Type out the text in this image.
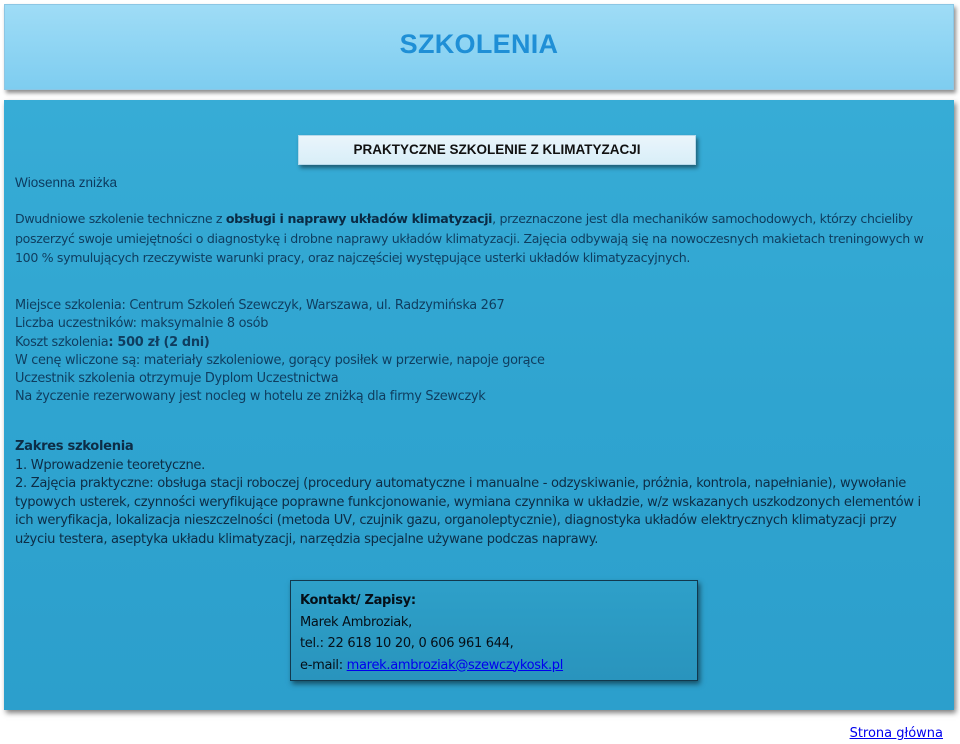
SZKOLENIA
PRAKTYCZNE SZKOLENIE Z KLIMATYZACJI
Wiosenna zniżka
Dwudniowe szkolenie techniczne z obsługi i naprawy układów klimatyzacji, przeznaczone jest dla mechaników samochodowych, którzy chcieliby poszerzyć swoje umiejętności o diagnostykę i drobne naprawy układów klimatyzacji. Zajęcia odbywają się na nowoczesnych makietach treningowych w 100 % symulujących rzeczywiste warunki pracy, oraz najczęściej występujące usterki układów klimatyzacyjnych.
Miejsce szkolenia: Centrum Szkoleń Szewczyk, Warszawa, ul. Radzymińska 267
Liczba uczestników: maksymalnie 8 osób
Koszt szkolenia: 500 zł (2 dni)
W cenę wliczone są: materiały szkoleniowe, gorący posiłek w przerwie, napoje gorące
Uczestnik szkolenia otrzymuje Dyplom Uczestnictwa
Na życzenie rezerwowany jest nocleg w hotelu ze zniżką dla firmy Szewczyk
Zakres szkolenia
1. Wprowadzenie teoretyczne.
2. Zajęcia praktyczne: obsługa stacji roboczej (procedury automatyczne i manualne - odzyskiwanie, próżnia, kontrola, napełnianie), wywołanie
typowych usterek, czynności weryfikujące poprawne funkcjonowanie, wymiana czynnika w układzie, w/z wskazanych uszkodzonych elementów i
ich weryfikacja, lokalizacja nieszczelności (metoda UV, czujnik gazu, organoleptycznie), diagnostyka układów elektrycznych klimatyzacji przy
użyciu testera, aseptyka układu klimatyzacji, narzędzia specjalne używane podczas naprawy.
Kontakt/ Zapisy:
Marek Ambroziak,
tel.: 22 618 10 20, 0 606 961 644,
e-mail: marek.ambroziak@szewczykosk.pl
Strona główna
